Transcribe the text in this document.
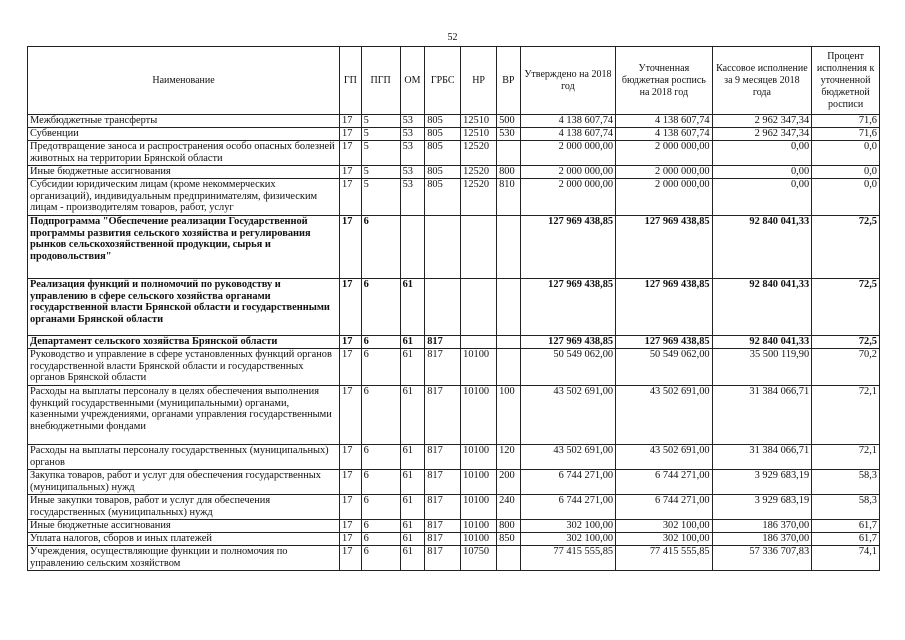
52
Наименование	ГП	ПГП	ОМ	ГРБС	НР	ВР	Утверждено на 2018 год	Уточненная бюджетная роспись на 2018 год	Кассовое исполнение за 9 месяцев 2018 года	Процент исполнения к уточненной бюджетной росписи
Межбюджетные трансферты	17	5	53	805	12510	500	4 138 607,74	4 138 607,74	2 962 347,34	71,6
Субвенции	17	5	53	805	12510	530	4 138 607,74	4 138 607,74	2 962 347,34	71,6
Предотвращение заноса и распространения особо опасных болезней животных на территории Брянской области	17	5	53	805	12520		2 000 000,00	2 000 000,00	0,00	0,0
Иные бюджетные ассигнования	17	5	53	805	12520	800	2 000 000,00	2 000 000,00	0,00	0,0
Субсидии юридическим лицам (кроме некоммерческих организаций), индивидуальным предпринимателям, физическим лицам - производителям товаров, работ, услуг	17	5	53	805	12520	810	2 000 000,00	2 000 000,00	0,00	0,0
Подпрограмма "Обеспечение реализации Государственной программы развития сельского хозяйства и регулирования рынков сельскохозяйственной продукции, сырья и продовольствия"	17	6					127 969 438,85	127 969 438,85	92 840 041,33	72,5
Реализация функций и полномочий по руководству и управлению в сфере сельского хозяйства органами государственной власти Брянской области и государственными органами Брянской области	17	6	61				127 969 438,85	127 969 438,85	92 840 041,33	72,5
Департамент сельского хозяйства Брянской области	17	6	61	817			127 969 438,85	127 969 438,85	92 840 041,33	72,5
Руководство и управление в сфере установленных функций органов государственной власти Брянской области и государственных органов Брянской области	17	6	61	817	10100		50 549 062,00	50 549 062,00	35 500 119,90	70,2
Расходы на выплаты персоналу в целях обеспечения выполнения функций государственными (муниципальными) органами, казенными учреждениями, органами управления государственными внебюджетными фондами	17	6	61	817	10100	100	43 502 691,00	43 502 691,00	31 384 066,71	72,1
Расходы на выплаты персоналу государственных (муниципальных) органов	17	6	61	817	10100	120	43 502 691,00	43 502 691,00	31 384 066,71	72,1
Закупка товаров, работ и услуг для обеспечения государственных (муниципальных) нужд	17	6	61	817	10100	200	6 744 271,00	6 744 271,00	3 929 683,19	58,3
Иные закупки товаров, работ и услуг для обеспечения государственных (муниципальных) нужд	17	6	61	817	10100	240	6 744 271,00	6 744 271,00	3 929 683,19	58,3
Иные бюджетные ассигнования	17	6	61	817	10100	800	302 100,00	302 100,00	186 370,00	61,7
Уплата налогов, сборов и иных платежей	17	6	61	817	10100	850	302 100,00	302 100,00	186 370,00	61,7
Учреждения, осуществляющие функции и полномочия по управлению сельским хозяйством	17	6	61	817	10750		77 415 555,85	77 415 555,85	57 336 707,83	74,1
